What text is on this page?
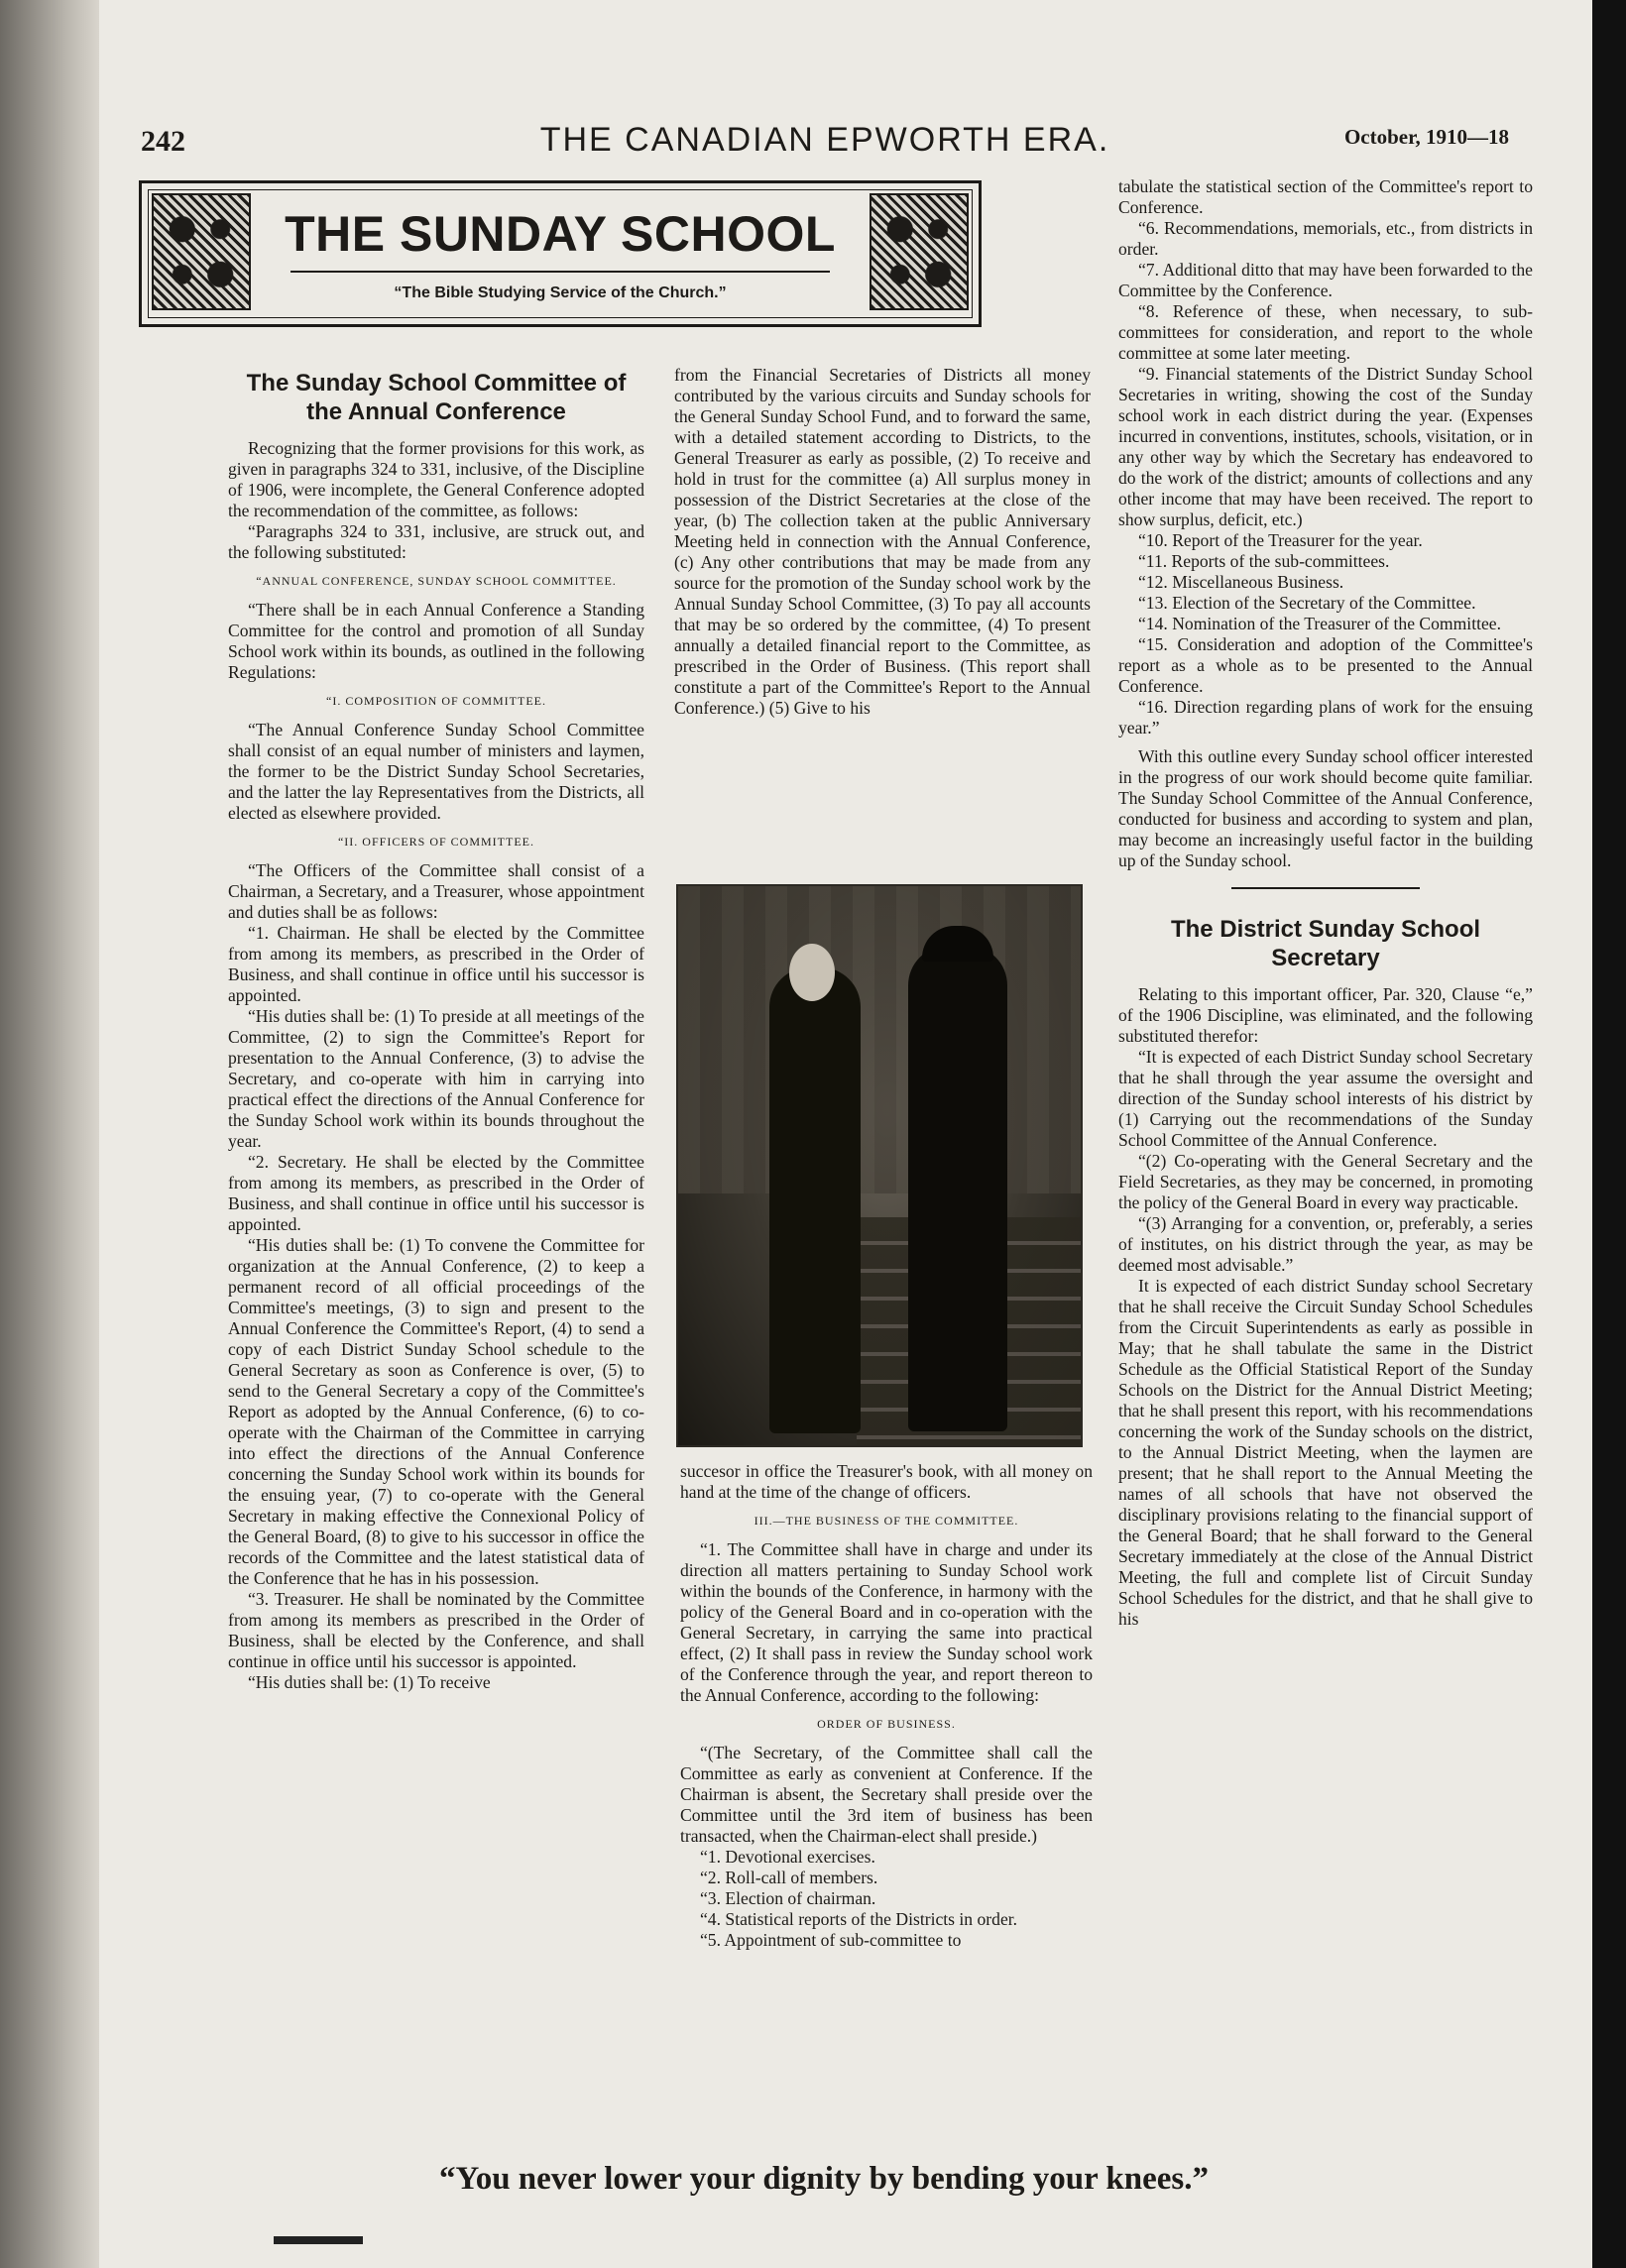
242	THE CANADIAN EPWORTH ERA.	October, 1910—18
THE SUNDAY SCHOOL
“The Bible Studying Service of the Church.”
The Sunday School Committee of the Annual Conference

Recognizing that the former provisions for this work, as given in paragraphs 324 to 331, inclusive, of the Discipline of 1906, were incomplete, the General Conference adopted the recommendation of the committee, as follows:

“Paragraphs 324 to 331, inclusive, are struck out, and the following substituted:

“ANNUAL CONFERENCE, SUNDAY SCHOOL COMMITTEE.

“There shall be in each Annual Conference a Standing Committee for the control and promotion of all Sunday School work within its bounds, as outlined in the following Regulations:

“I. COMPOSITION OF COMMITTEE.

“The Annual Conference Sunday School Committee shall consist of an equal number of ministers and laymen, the former to be the District Sunday School Secretaries, and the latter the lay Representatives from the Districts, all elected as elsewhere provided.

“II. OFFICERS OF COMMITTEE.

“The Officers of the Committee shall consist of a Chairman, a Secretary, and a Treasurer, whose appointment and duties shall be as follows:

“1. Chairman. He shall be elected by the Committee from among its members, as prescribed in the Order of Business, and shall continue in office until his successor is appointed.

“His duties shall be: (1) To preside at all meetings of the Committee, (2) to sign the Committee's Report for presentation to the Annual Conference, (3) to advise the Secretary, and co-operate with him in carrying into practical effect the directions of the Annual Conference for the Sunday School work within its bounds throughout the year.

“2. Secretary. He shall be elected by the Committee from among its members, as prescribed in the Order of Business, and shall continue in office until his successor is appointed.

“His duties shall be: (1) To convene the Committee for organization at the Annual Conference, (2) to keep a permanent record of all official proceedings of the Committee's meetings, (3) to sign and present to the Annual Conference the Committee's Report, (4) to send a copy of each District Sunday School schedule to the General Secretary as soon as Conference is over, (5) to send to the General Secretary a copy of the Committee's Report as adopted by the Annual Conference, (6) to co-operate with the Chairman of the Committee in carrying into effect the directions of the Annual Conference concerning the Sunday School work within its bounds for the ensuing year, (7) to co-operate with the General Secretary in making effective the Connexional Policy of the General Board, (8) to give to his successor in office the records of the Committee and the latest statistical data of the Conference that he has in his possession.

“3. Treasurer. He shall be nominated by the Committee from among its members as prescribed in the Order of Business, shall be elected by the Conference, and shall continue in office until his successor is appointed.

“His duties shall be: (1) To receive

from the Financial Secretaries of Districts all money contributed by the various circuits and Sunday schools for the General Sunday School Fund, and to forward the same, with a detailed statement according to Districts, to the General Treasurer as early as possible, (2) To receive and hold in trust for the committee (a) All surplus money in possession of the District Secretaries at the close of the year, (b) The collection taken at the public Anniversary Meeting held in connection with the Annual Conference, (c) Any other contributions that may be made from any source for the promotion of the Sunday school work by the Annual Sunday School Committee, (3) To pay all accounts that may be so ordered by the committee, (4) To present annually a detailed financial report to the Committee, as prescribed in the Order of Business. (This report shall constitute a part of the Committee's Report to the Annual Conference.) (5) Give to his

succesor in office the Treasurer's book, with all money on hand at the time of the change of officers.

III.—THE BUSINESS OF THE COMMITTEE.

“1. The Committee shall have in charge and under its direction all matters pertaining to Sunday School work within the bounds of the Conference, in harmony with the policy of the General Board and in co-operation with the General Secretary, in carrying the same into practical effect, (2) It shall pass in review the Sunday school work of the Conference through the year, and report thereon to the Annual Conference, according to the following:

ORDER OF BUSINESS.

“(The Secretary, of the Committee shall call the Committee as early as convenient at Conference. If the Chairman is absent, the Secretary shall preside over the Committee until the 3rd item of business has been transacted, when the Chairman-elect shall preside.)

“1. Devotional exercises.

“2. Roll-call of members.

“3. Election of chairman.

“4. Statistical reports of the Districts in order.

“5. Appointment of sub-committee to

tabulate the statistical section of the Committee's report to Conference.

“6. Recommendations, memorials, etc., from districts in order.

“7. Additional ditto that may have been forwarded to the Committee by the Conference.

“8. Reference of these, when necessary, to sub-committees for consideration, and report to the whole committee at some later meeting.

“9. Financial statements of the District Sunday School Secretaries in writing, showing the cost of the Sunday school work in each district during the year. (Expenses incurred in conventions, institutes, schools, visitation, or in any other way by which the Secretary has endeavored to do the work of the district; amounts of collections and any other income that may have been received. The report to show surplus, deficit, etc.)

“10. Report of the Treasurer for the year.

“11. Reports of the sub-committees.

“12. Miscellaneous Business.

“13. Election of the Secretary of the Committee.

“14. Nomination of the Treasurer of the Committee.

“15. Consideration and adoption of the Committee's report as a whole as to be presented to the Annual Conference.

“16. Direction regarding plans of work for the ensuing year.”

With this outline every Sunday school officer interested in the progress of our work should become quite familiar. The Sunday School Committee of the Annual Conference, conducted for business and according to system and plan, may become an increasingly useful factor in the building up of the Sunday school.

The District Sunday School Secretary

Relating to this important officer, Par. 320, Clause “e,” of the 1906 Discipline, was eliminated, and the following substituted therefor:

“It is expected of each District Sunday school Secretary that he shall through the year assume the oversight and direction of the Sunday school interests of his district by (1) Carrying out the recommendations of the Sunday School Committee of the Annual Conference.

“(2) Co-operating with the General Secretary and the Field Secretaries, as they may be concerned, in promoting the policy of the General Board in every way practicable.

“(3) Arranging for a convention, or, preferably, a series of institutes, on his district through the year, as may be deemed most advisable.”

It is expected of each district Sunday school Secretary that he shall receive the Circuit Sunday School Schedules from the Circuit Superintendents as early as possible in May; that he shall tabulate the same in the District Schedule as the Official Statistical Report of the Sunday Schools on the District for the Annual District Meeting; that he shall present this report, with his recommendations concerning the work of the Sunday schools on the district, to the Annual District Meeting, when the laymen are present; that he shall report to the Annual Meeting the names of all schools that have not observed the disciplinary provisions relating to the financial support of the General Board; that he shall forward to the General Secretary immediately at the close of the Annual District Meeting, the full and complete list of Circuit Sunday School Schedules for the district, and that he shall give to his

“You never lower your dignity by bending your knees.”
